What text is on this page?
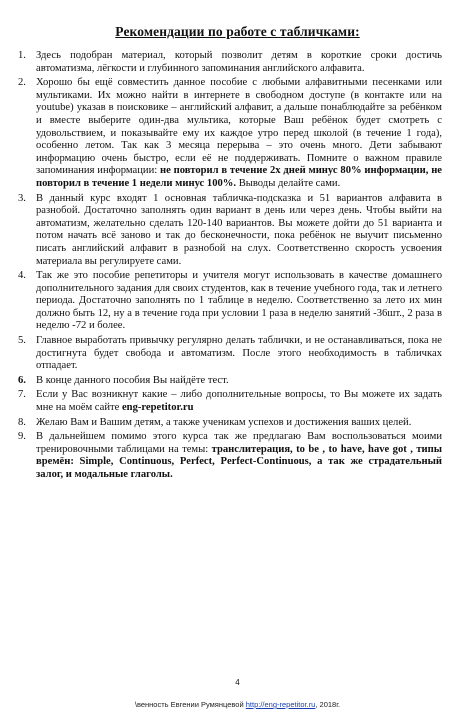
Рекомендации по работе с табличками:
1. Здесь подобран материал, который позволит детям в короткие сроки достичь автоматизма, лёгкости и глубинного запоминания английского алфавита.
2. Хорошо бы ещё совместить данное пособие с любыми алфавитными песенками или мультиками. Их можно найти в интернете в свободном доступе (в контакте или на youtube) указав в поисковике – английский алфавит, а дальше понаблюдайте за ребёнком и вместе выберите один-два мультика, которые Ваш ребёнок будет смотреть с удовольствием, и показывайте ему их каждое утро перед школой (в течение 1 года), особенно летом. Так как 3 месяца перерыва – это очень много. Дети забывают информацию очень быстро, если её не поддерживать. Помните о важном правиле запоминания информации: не повторил в течение 2х дней минус 80% информации, не повторил в течение 1 недели минус 100%. Выводы делайте сами.
3. В данный курс входят 1 основная табличка-подсказка и 51 вариантов алфавита в разнобой. Достаточно заполнять один вариант в день или через день. Чтобы выйти на автоматизм, желательно сделать 120-140 вариантов. Вы можете дойти до 51 варианта и потом начать всё заново и так до бесконечности, пока ребёнок не выучит письменно писать английский алфавит в разнобой на слух. Соответственно скорость усвоения материала вы регулируете сами.
4. Так же это пособие репетиторы и учителя могут использовать в качестве домашнего дополнительного задания для своих студентов, как в течение учебного года, так и летнего периода. Достаточно заполнять по 1 таблице в неделю. Соответственно за лето их мин должно быть 12, ну а в течение года при условии 1 раза в неделю занятий -36шт., 2 раза в неделю -72 и более.
5. Главное выработать привычку регулярно делать таблички, и не останавливаться, пока не достигнута будет свобода и автоматизм. После этого необходимость в табличках отпадает.
6. В конце данного пособия Вы найдёте тест.
7. Если у Вас возникнут какие – либо дополнительные вопросы, то Вы можете их задать мне на моём сайте eng-repetitor.ru
8. Желаю Вам и Вашим детям, а также ученикам успехов и достижения ваших целей.
9. В дальнейшем помимо этого курса так же предлагаю Вам воспользоваться моими тренировочными таблицами на темы: транслитерация, to be , to have, have got , типы времён: Simple, Continuous, Perfect, Perfect-Continuous, а так же страдательный залог, и модальные глаголы.
4
\венность Евгении Румянцевой http://eng-repetitor.ru, 2018г.
